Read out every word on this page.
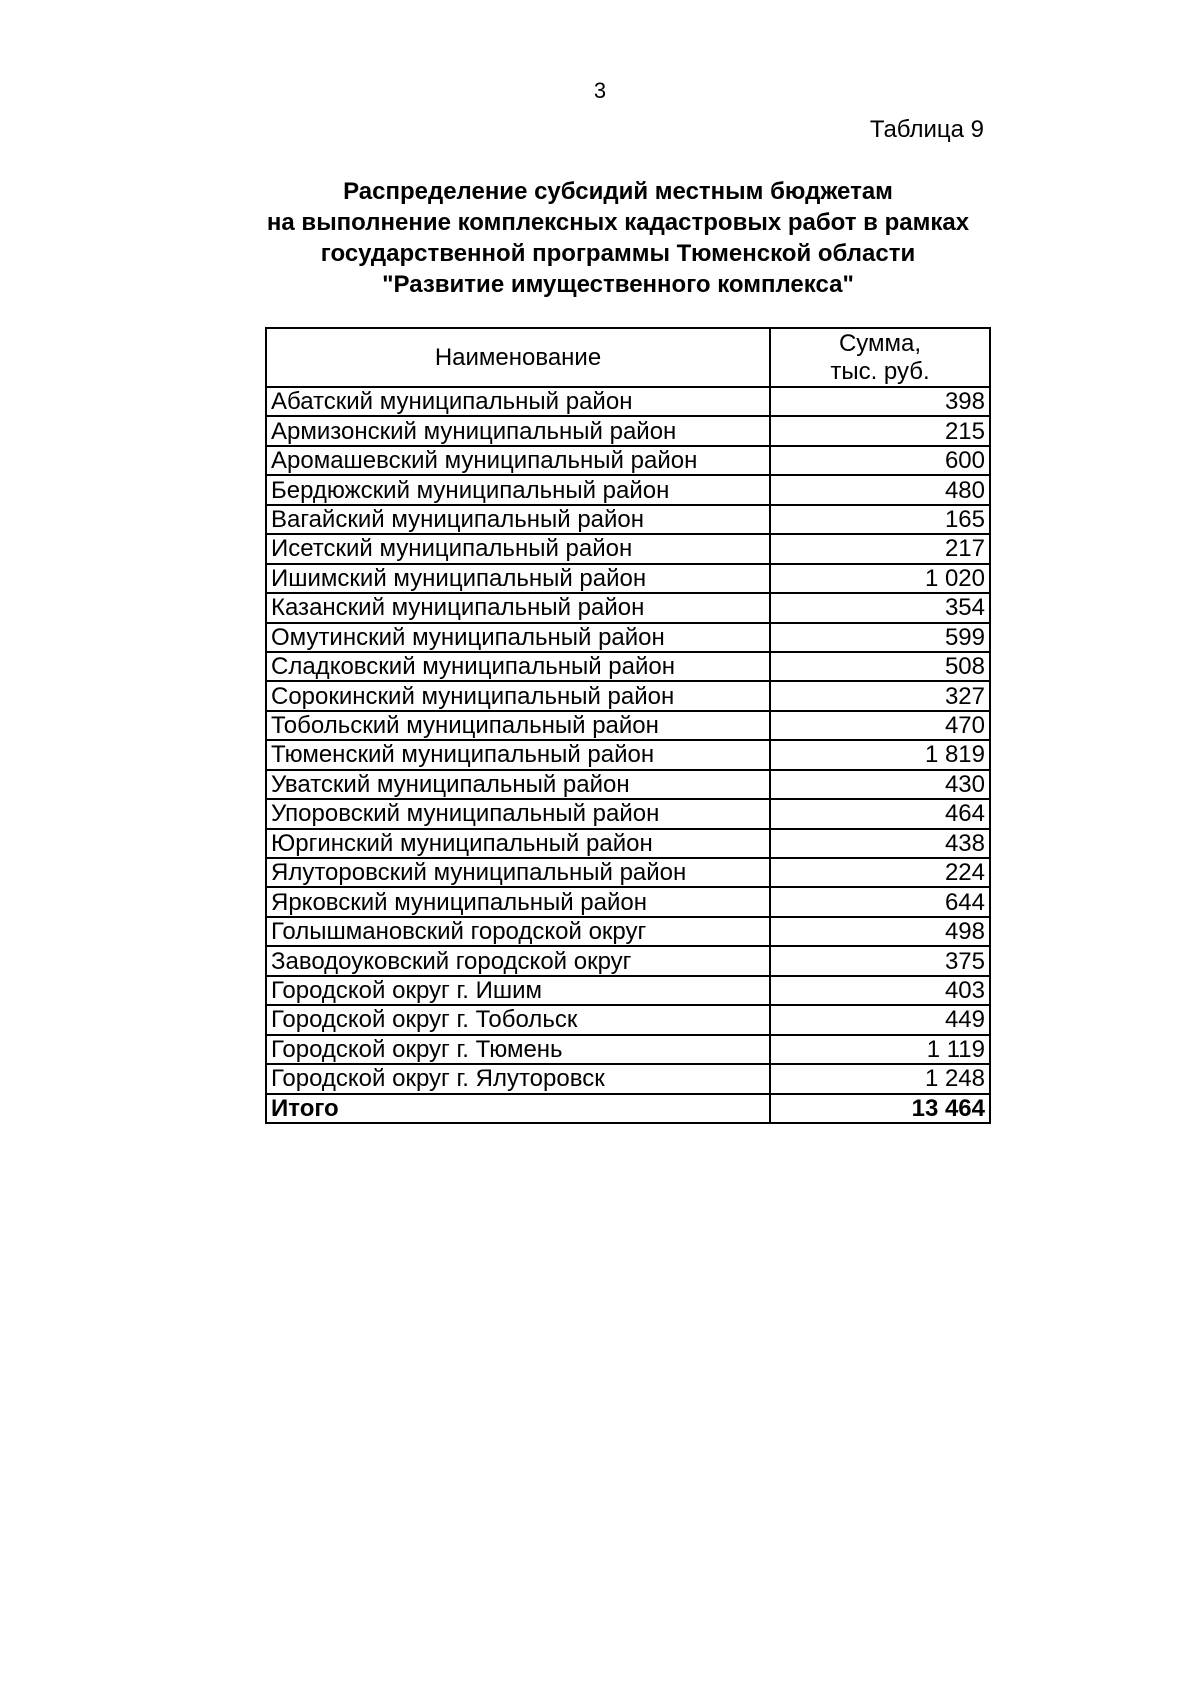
3
Таблица 9
Распределение субсидий местным бюджетам
на выполнение комплексных кадастровых работ в рамках
государственной программы Тюменской области
"Развитие имущественного комплекса"
Наименование	Сумма,
тыс. руб.
Абатский муниципальный район	398
Армизонский муниципальный район	215
Аромашевский муниципальный район	600
Бердюжский муниципальный район	480
Вагайский муниципальный район	165
Исетский муниципальный район	217
Ишимский муниципальный район	1 020
Казанский муниципальный район	354
Омутинский муниципальный район	599
Сладковский муниципальный район	508
Сорокинский муниципальный район	327
Тобольский муниципальный район	470
Тюменский муниципальный район	1 819
Уватский муниципальный район	430
Упоровский муниципальный район	464
Юргинский муниципальный район	438
Ялуторовский муниципальный район	224
Ярковский муниципальный район	644
Голышмановский городской округ	498
Заводоуковский городской округ	375
Городской округ г. Ишим	403
Городской округ г. Тобольск	449
Городской округ г. Тюмень	1 119
Городской округ г. Ялуторовск	1 248
Итого	13 464
